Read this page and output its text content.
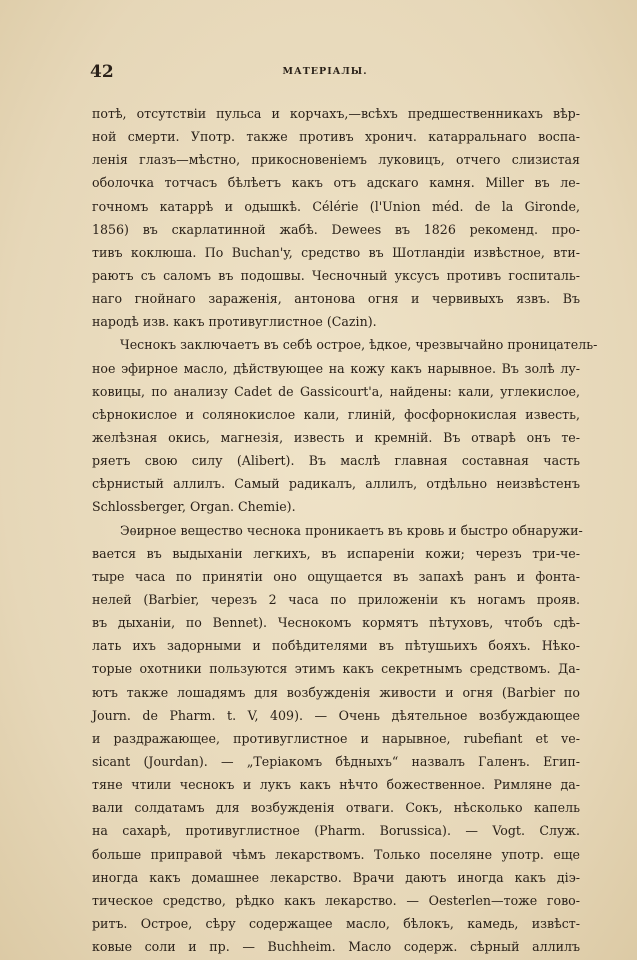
42	МАТЕРІАЛЫ.
потѣ, отсутствіи пульса и корчахъ,—всѣхъ предшественникахъ вѣр-
ной смерти. Употр. также противъ хронич. катарральнаго воспа-
ленія глазъ—мѣстно, прикосновеніемъ луковицъ, отчего слизистая
оболочка тотчасъ бѣлѣетъ какъ отъ адскаго камня. Miller въ ле-
гочномъ катаррѣ и одышкѣ. Célérie (l'Union méd. de la Gironde,
1856) въ скарлатинной жабѣ. Dewees въ 1826 рекоменд. про-
тивъ коклюша. По Buchan'y, средство въ Шотландіи извѣстное, вти-
раютъ съ саломъ въ подошвы. Чесночный уксусъ противъ госпиталь-
наго гнойнаго зараженія, антонова огня и червивыхъ язвъ. Въ
народѣ изв. какъ противуглистное (Cazin).
Чеснокъ заключаетъ въ себѣ острое, ѣдкое, чрезвычайно проницатель-
ное эфирное масло, дѣйствующее на кожу какъ нарывное. Въ золѣ лу-
ковицы, по анализу Cadet de Gassicourt'a, найдены: кали, углекислое,
сѣрнокислое и солянокислое кали, глиній, фосфорнокислая известь,
желѣзная окись, магнезія, известь и кремній. Въ отварѣ онъ те-
ряетъ свою силу (Alibert). Въ маслѣ главная составная часть
сѣрнистый аллилъ. Самый радикалъ, аллилъ, отдѣльно неизвѣстенъ
Schlossberger, Organ. Chemie).
Эѳирное вещество чеснока проникаетъ въ кровь и быстро обнаружи-
вается въ выдыханіи легкихъ, въ испареніи кожи; черезъ три-че-
тыре часа по принятіи оно ощущается въ запахѣ ранъ и фонта-
нелей (Barbier, черезъ 2 часа по приложеніи къ ногамъ прояв.
въ дыханіи, по Bennet). Чеснокомъ кормятъ пѣтуховъ, чтобъ сдѣ-
лать ихъ задорными и побѣдителями въ пѣтушьихъ бояхъ. Нѣко-
торые охотники пользуются этимъ какъ секретнымъ средствомъ. Да-
ютъ также лошадямъ для возбужденія живости и огня (Barbier по
Journ. de Pharm. t. V, 409). — Очень дѣятельное возбуждающее
и раздражающее, противуглистное и нарывное, rubefiant et ve-
sicant (Jourdan). — „Теріакомъ бѣдныхъ“ назвалъ Галенъ. Егип-
тяне чтили чеснокъ и лукъ какъ нѣчто божественное. Римляне да-
вали солдатамъ для возбужденія отваги. Сокъ, нѣсколько капель
на сахарѣ, противуглистное (Pharm. Borussica). — Vogt. Служ.
больше приправой чѣмъ лекарствомъ. Только поселяне употр. еще
иногда какъ домашнее лекарство. Врачи даютъ иногда какъ діэ-
тическое средство, рѣдко какъ лекарство. — Oesterlen—тоже гово-
ритъ. Острое, сѣру содержащее масло, бѣлокъ, камедь, извѣст-
ковые соли и пр. — Buchheim. Масло содерж. сѣрный аллилъ
